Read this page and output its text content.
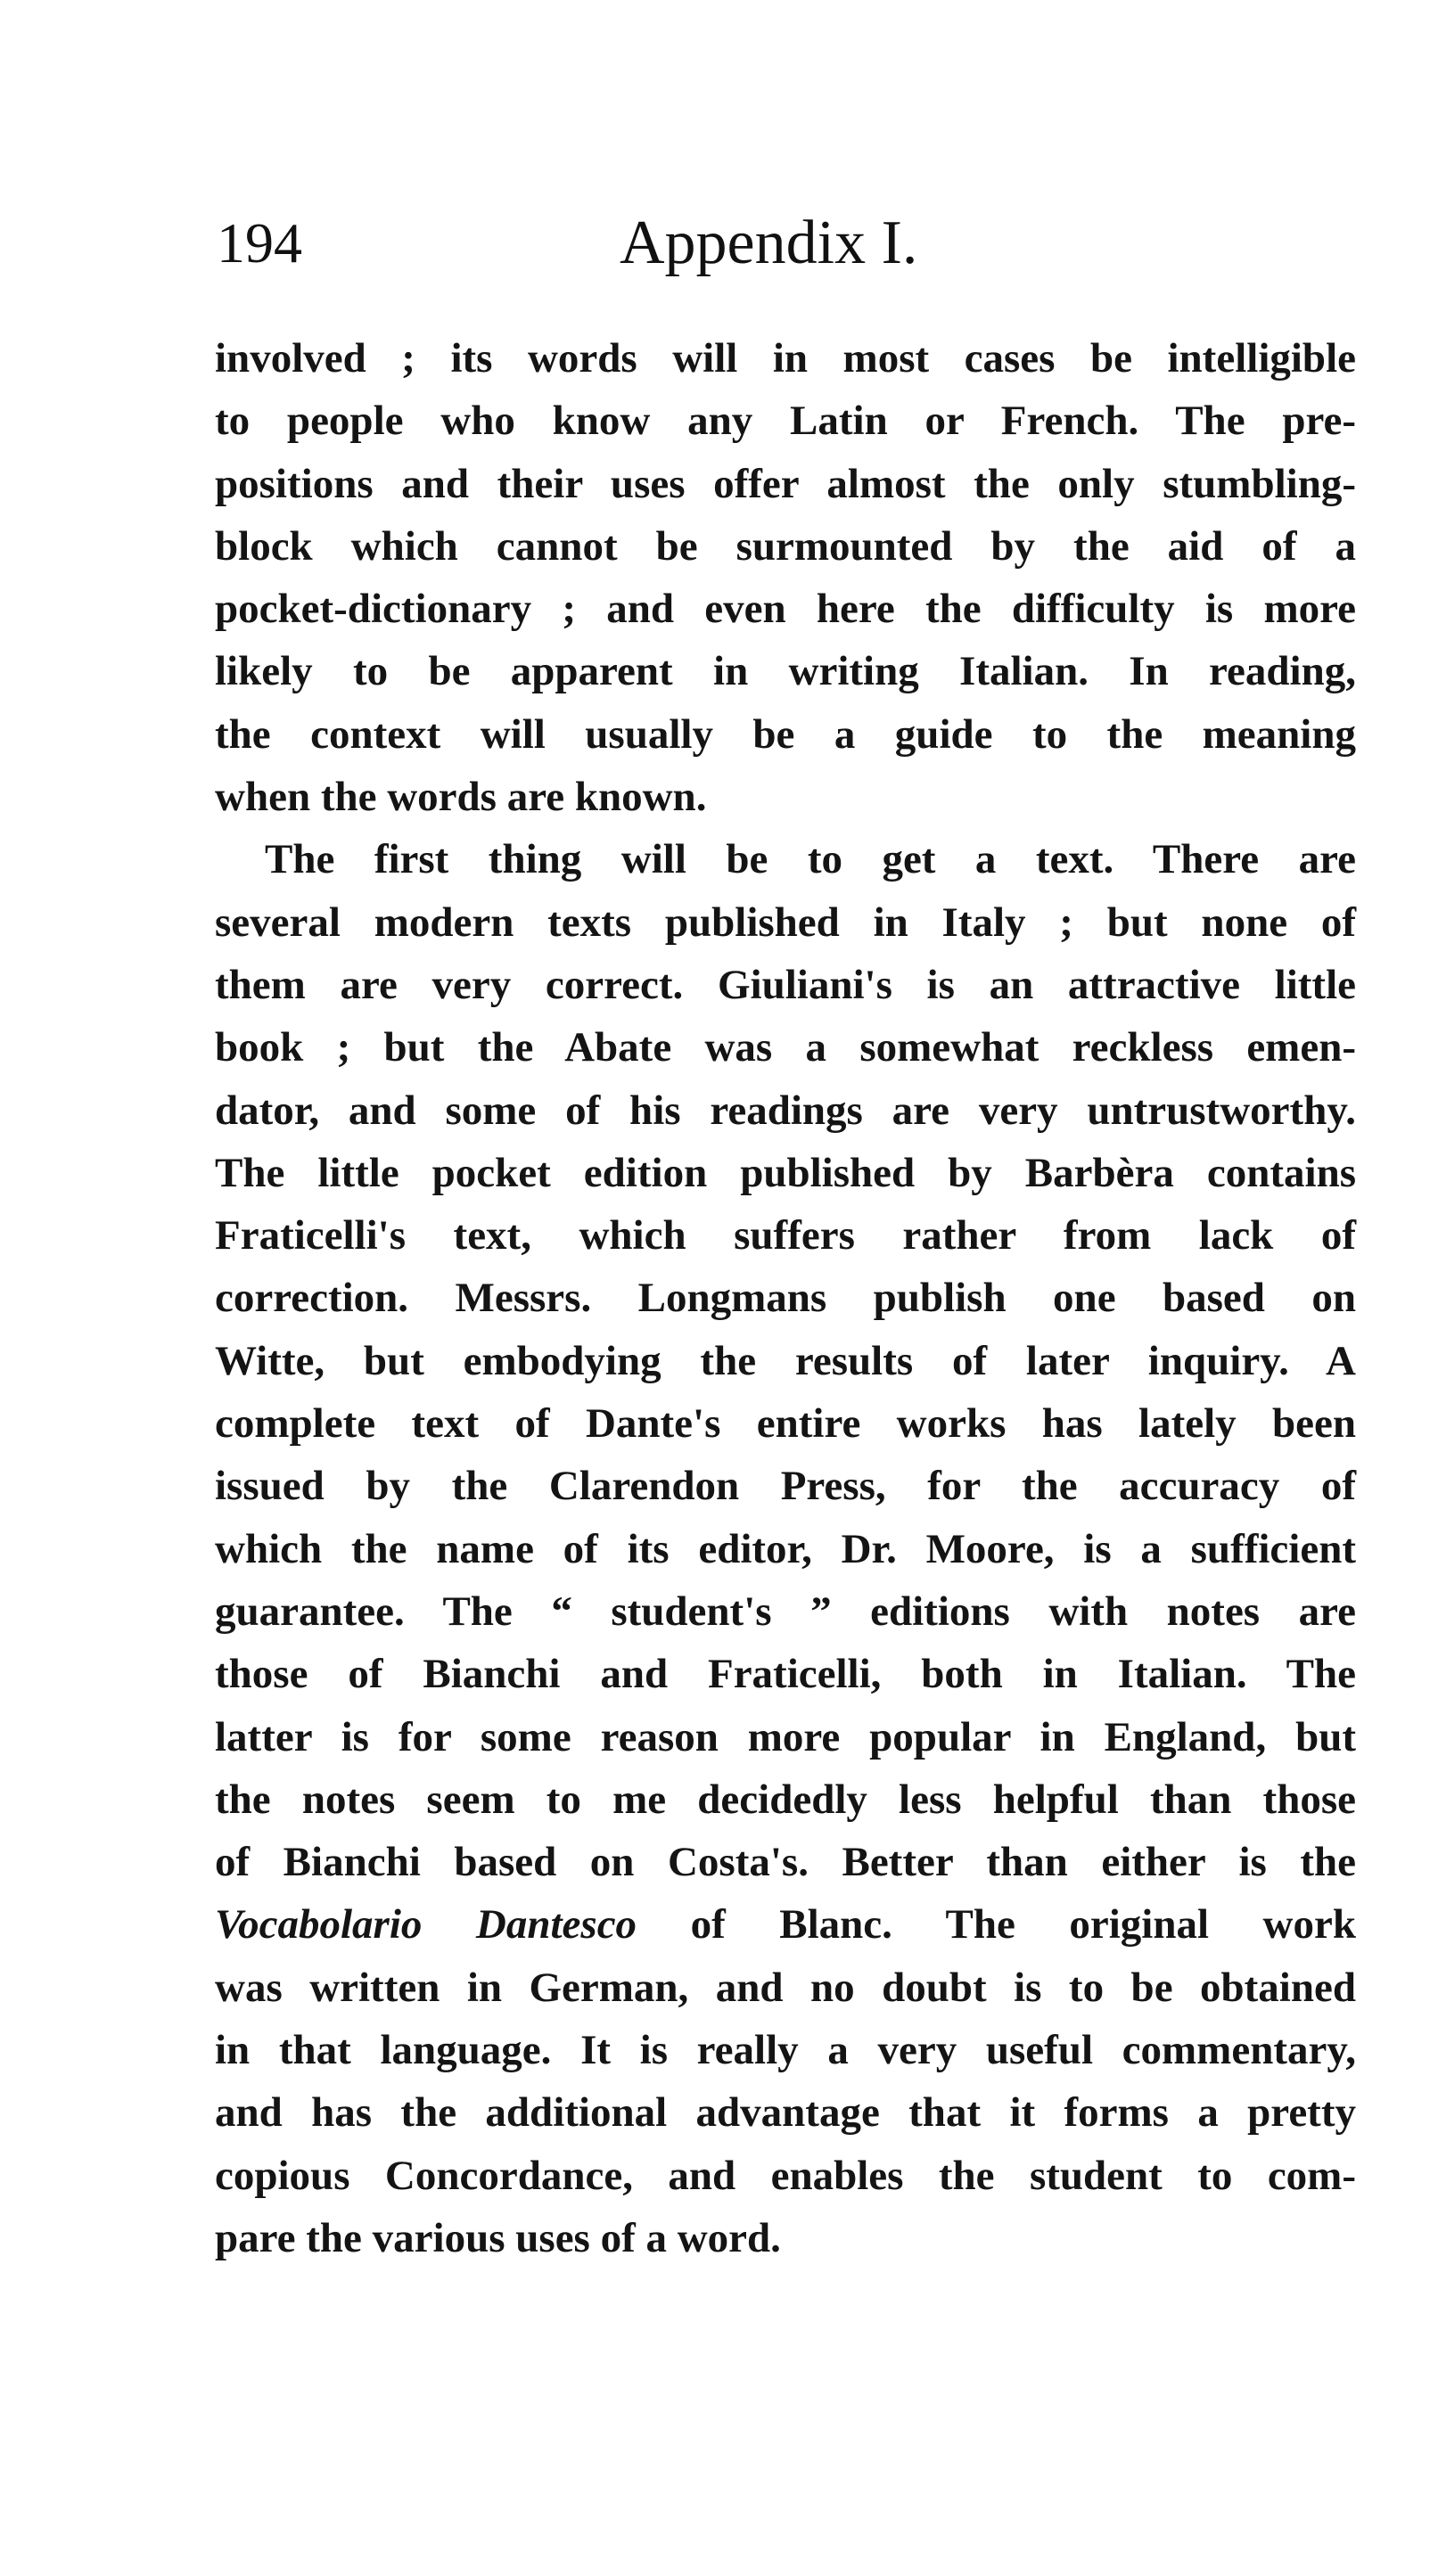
194	Appendix I.
involved ; its words will in most cases be intelligible
to people who know any Latin or French. The pre-
positions and their uses offer almost the only stumbling-
block which cannot be surmounted by the aid of a
pocket-dictionary ; and even here the difficulty is more
likely to be apparent in writing Italian. In reading,
the context will usually be a guide to the meaning
when the words are known.
The first thing will be to get a text. There are
several modern texts published in Italy ; but none of
them are very correct. Giuliani's is an attractive little
book ; but the Abate was a somewhat reckless emen-
dator, and some of his readings are very untrustworthy.
The little pocket edition published by Barbèra contains
Fraticelli's text, which suffers rather from lack of
correction. Messrs. Longmans publish one based on
Witte, but embodying the results of later inquiry. A
complete text of Dante's entire works has lately been
issued by the Clarendon Press, for the accuracy of
which the name of its editor, Dr. Moore, is a sufficient
guarantee. The “ student's ” editions with notes are
those of Bianchi and Fraticelli, both in Italian. The
latter is for some reason more popular in England, but
the notes seem to me decidedly less helpful than those
of Bianchi based on Costa's. Better than either is the
Vocabolario Dantesco of Blanc. The original work
was written in German, and no doubt is to be obtained
in that language. It is really a very useful commentary,
and has the additional advantage that it forms a pretty
copious Concordance, and enables the student to com-
pare the various uses of a word.
